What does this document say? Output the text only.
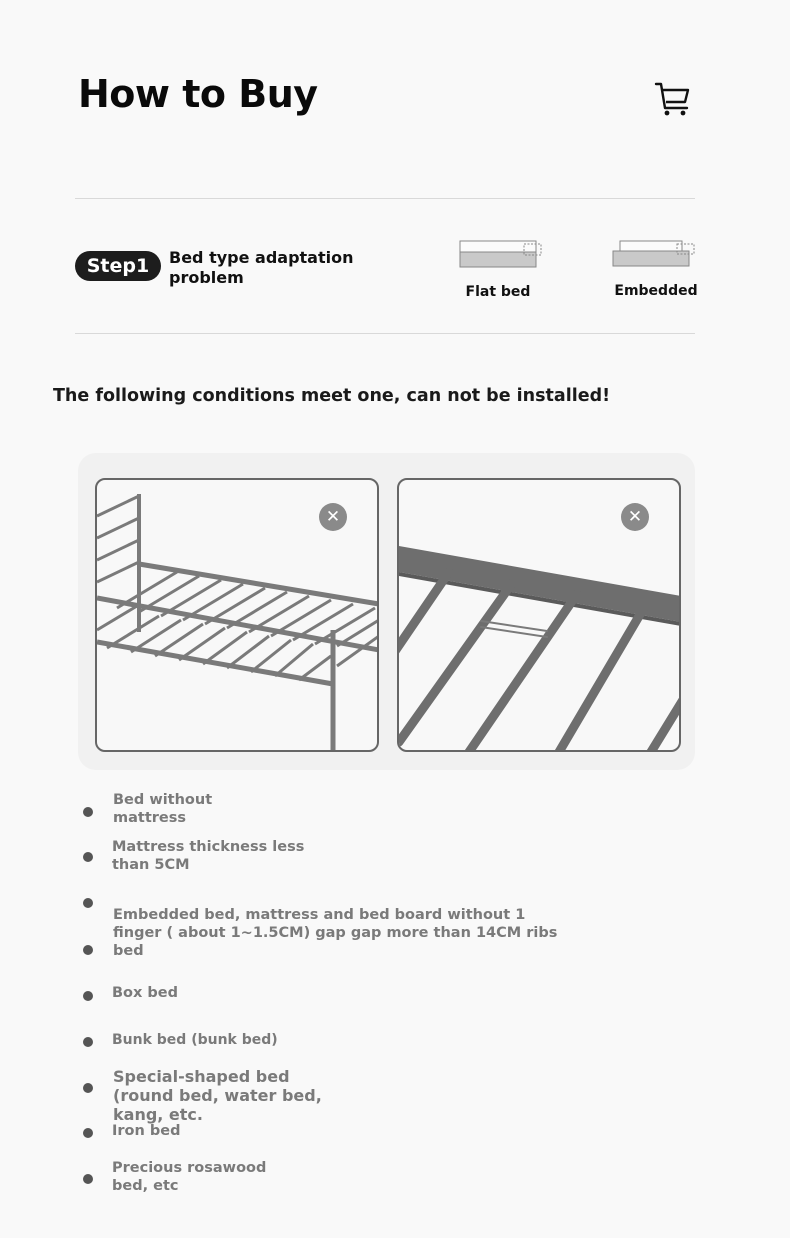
How to Buy
Step1	Bed type adaptation problem
Flat bed	Embedded
The following conditions meet one, can not be installed!
✕	✕
Bed without mattress
Mattress thickness less than 5CM
Embedded bed, mattress and bed board without 1 finger ( about 1~1.5CM) gap gap more than 14CM ribs bed
Box bed
Bunk bed (bunk bed)
Special-shaped bed (round bed, water bed, kang, etc.
Iron bed
Precious rosawood bed, etc
